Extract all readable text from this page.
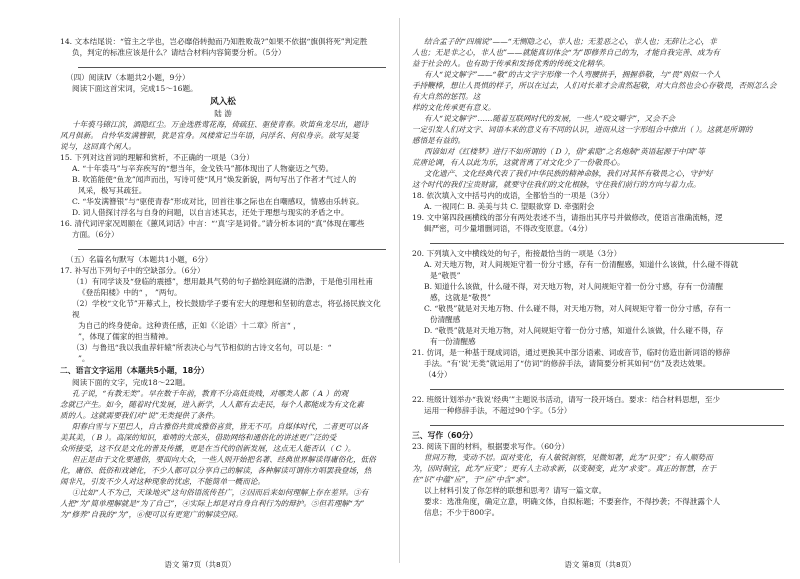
14. 文本结尾说：“管主之学也，岂必靡俗转抛而乃知胜败哉?”如果不依据“旗俱将死”判定胜

负，判定的标准应该是什么？请结合材料内容简要分析。（5分）

（四）阅读Ⅳ（本题共2小题，9分）

阅读下面这首宋词，完成15～16题。

风入松

陆 游

十年裘马锦江滨，酒隐红尘。万金选胜莺花海，倚疏狂、驱使青春。吹笛鱼龙尽出，题诗

风月俱新。 自怜华发满簪银，犹是官身。凤楼常记当年语，问浮名、何似身亲。欲写吴笺

说与，这回真个闲人。

15. 下列对这首词的理解和赏析，不正确的一项是（3分）

A. “十年裘马”与辛弃疾写的“想当年，金戈铁马”都体现出了人物豪迈之气势。

B. 吹笛能使“鱼龙”闻声而出，写诗可使“风月”焕发新貌，两句写出了作者才气过人的

风采，极写其疏狂。

C. “华发满簪银”与“驱使青春”形成对比，回首往事之际也在自嘲感叹，情感由乐转哀。

D. 词人借探讨浮名与自身的问题，以自言述其志，还处于理想与现实的矛盾之中。

16. 清代词评家况周颐在《蕙风词话》中言：“‘真’字是词骨。”请分析本词的“真”体现在哪些

方面。（6分）

（五）名篇名句默写（本题共1小题，6分）

17. 补写出下列句子中的空缺部分。（6分）

（1）有同学谈及“登临的震撼”，想用最具气势的句子描绘洞庭湖的浩渺，于是他引用杜甫

《登岳阳楼》中的“ ， ”两句。

（2）学校“文化节”开幕式上，校长鼓励学子要有宏大的理想和坚韧的意志，将弘扬民族文化视

为自己的终身使命。这种责任感，正如《〈论语〉十二章》所言“ ，

”，体现了儒家的担当精神。

（3）与鲁迅“我以我血荐轩辕”所表决心与气节相似的古诗文名句，可以是：“

”。

二、语言文字运用（本题共5小题，18分）

阅读下面的文字，完成18～22题。

孔子说，“有教无类”。早在数千年前，教育不分高低贵贱，对哪类人都（ A ）的观

念就已产生。如今，随着时代发展，进入新学，人人都有去走民，每个人都能成为有文化素

质的人。这就需要我们对“说”无类提供了条件。

阳春白雪与下里巴人，自古雅俗共赏成雅俗喜赏，皆无不可。自媒体时代，二者更可以各

美其美，（ B ）。高深的知识，难啃的大部头，借助网络和通俗化的讲述更广泛的受

众所接受，这不仅是文化的普及传播，更是在当代的创新发展，这点无人能否认（ C ）。

但正是由于文化要通俗，要面向大众，一些人则开始把名著、经典世界解读得庸俗化，低俗

化，庸俗、低俗和戏谑化，不少人都可以分享自己的解读，各种解读可谓你方唱罢我登场，热

闹非凡，引发不少人对这种现象的忧虑，不能简单一概而论。

①比如“人不为己，天诛地灭”这句俗语流传甚广，②因而后来如何理解上存在差异。③有

人把“为”简单理解就是“为了自己”，④实际上却是对自身自利行为的辩护。⑤但若理解“为”

为“修养”自我的“为”，⑥便可以有更宽广的解读空间。

语文 第7页（共8页）

结合孟子的“四端说”——“无恻隐之心，非人也；无羞恶之心，非人也；无辞让之心，非

人也；无是非之心，非人也”——就能真切体会“为”即修养自己的为，才能自我完善、成为有

益于社会的人。也有助于传承和发扬优秀的传统文化精华。

有人“说文解字”——“敬”的古文字字形像一个人弯腰拱手，拥握恭敬，与“畏”则似一个人

手持鞭棒，想让人畏惧的样子，所以在过去，人们对长辈才会肃然起敬，对大自然也会心存敬畏，否则怎么会有大自然的惩罚。这

样的文化传承更有意义。

有人“说文解字”……随着互联网时代的发展，一些人“咬文嚼字”，又会不会

一定引发人们对文字、词语本来的意义有不同的认识，进而从这一字形组合中推出（ ）。这就是所谓的

感悟是有益的。

西谚如对《红楼梦》进行不如所谓的（ D ），借“索隐”之名炮制“英语起源于中国”等

荒唐论调，有人以此为乐，这就背离了对文化少了一份敬畏心。

文化遗产、文化经典代表了我们中华民族的精神命脉，我们对其怀有敬畏之心，守护好

这个时代的我们宝贵财富，就要守住我们的文化根脉，守住我们前行的方向与着力点。

18. 依次填入文中括号内的成语，全都恰当的一项是（3分）

A. 一视同仁 B. 美美与共 C. 望眼欲穿 D. 牵强附会

19. 文中第四段画横线的部分有两处表述不当，请指出其序号并做修改，使语言准确流畅，逻

辑严密，可少量增删词语，不得改变原意。（4分）

20. 下列填入文中横线处的句子，衔接最恰当的一项是（3分）

A. 对天地万物，对人间规矩守着一份分寸感，存有一份清醒感，知道什么该做，什么碰不得就

是“敬畏”

B. 知道什么该做，什么碰不得，对天地万物，对人间规矩守着一份分寸感，存有一份清醒

感，这就是“敬畏”

C. “敬畏”就是对天地万物、什么碰不得，对天地万物，对人间规矩守着一份分寸感，存有一

份清醒感

D. “敬畏”就是对天地万物，对人间规矩守着一份分寸感，知道什么该做，什么碰不得，存

有一份清醒感

21. 仿词，是一种基于现成词语，通过更换其中部分语素、词或音节，临时仿造出新词语的修辞

手法。“有‘说’无类”就运用了“仿词”的修辞手法，请简要分析其如何“仿”及表达效果。

（4分）

22. 班级计划举办“我说‘经典’”主题说书活动，请写一段开场白。要求：结合材料思想，至少

运用一种修辞手法，不超过90个字。（5分）

三、写作（60分）

23. 阅读下面的材料，根据要求写作。（60分）

世间万物，变动不居。面对变化，有人敏锐洞察，见微知著，此为“识变”；有人顺势而

为，因时制宜，此为“应变”；更有人主动求新，以变制变，此为“求变”。真正的智慧，在于

在“识”中蕴“应”，于“应”中含“求”。

以上材料引发了你怎样的联想和思考？请写一篇文章。

要求：选准角度，确定立意，明确文体，自拟标题；不要套作，不得抄袭；不得泄露个人

信息；不少于800字。

语文 第8页（共8页）
